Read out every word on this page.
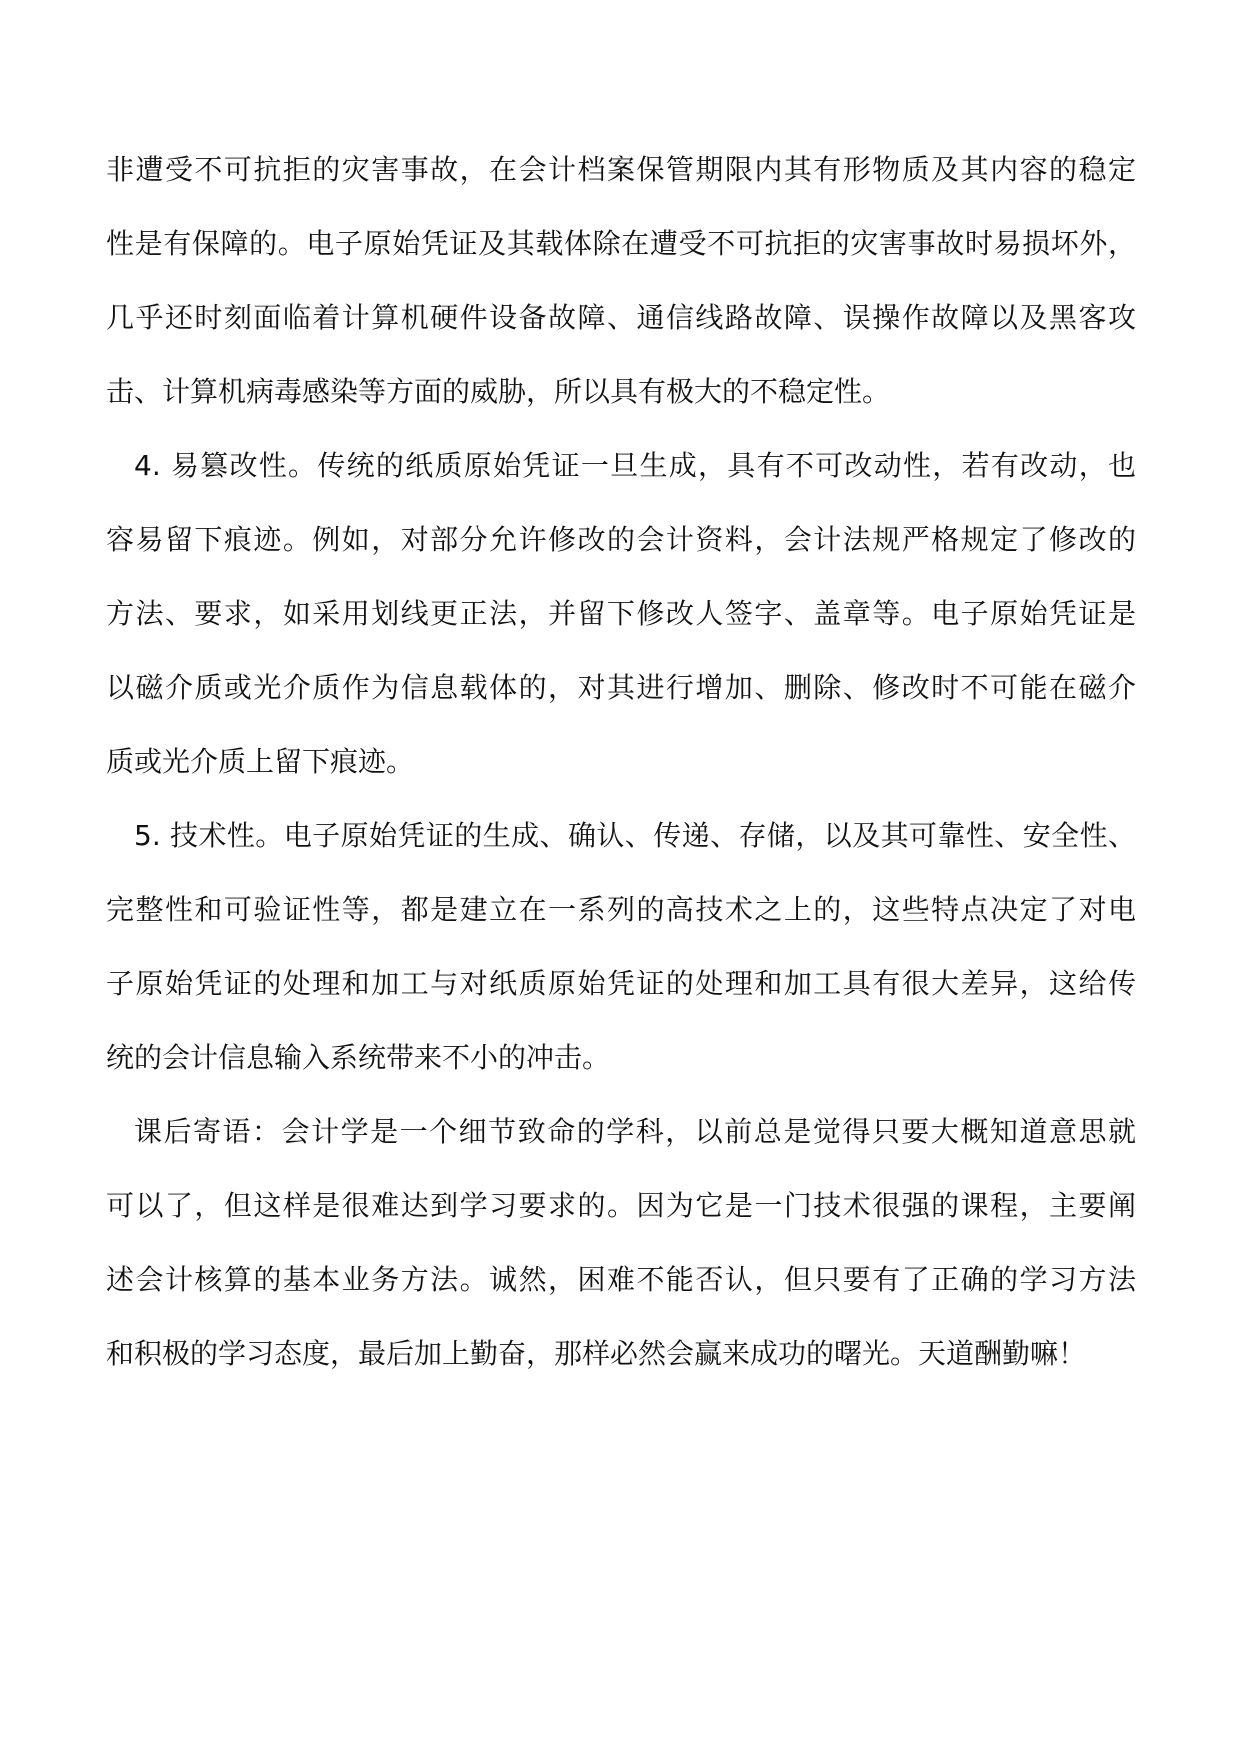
非遭受不可抗拒的灾害事故，在会计档案保管期限内其有形物质及其内容的稳定
性是有保障的。电子原始凭证及其载体除在遭受不可抗拒的灾害事故时易损坏外，
几乎还时刻面临着计算机硬件设备故障、通信线路故障、误操作故障以及黑客攻
击、计算机病毒感染等方面的威胁，所以具有极大的不稳定性。
4. 易篡改性。传统的纸质原始凭证一旦生成，具有不可改动性，若有改动，也
容易留下痕迹。例如，对部分允许修改的会计资料，会计法规严格规定了修改的
方法、要求，如采用划线更正法，并留下修改人签字、盖章等。电子原始凭证是
以磁介质或光介质作为信息载体的，对其进行增加、删除、修改时不可能在磁介
质或光介质上留下痕迹。
5. 技术性。电子原始凭证的生成、确认、传递、存储，以及其可靠性、安全性、
完整性和可验证性等，都是建立在一系列的高技术之上的，这些特点决定了对电
子原始凭证的处理和加工与对纸质原始凭证的处理和加工具有很大差异，这给传
统的会计信息输入系统带来不小的冲击。
课后寄语：会计学是一个细节致命的学科，以前总是觉得只要大概知道意思就
可以了，但这样是很难达到学习要求的。因为它是一门技术很强的课程，主要阐
述会计核算的基本业务方法。诚然，困难不能否认，但只要有了正确的学习方法
和积极的学习态度，最后加上勤奋，那样必然会赢来成功的曙光。天道酬勤嘛！
